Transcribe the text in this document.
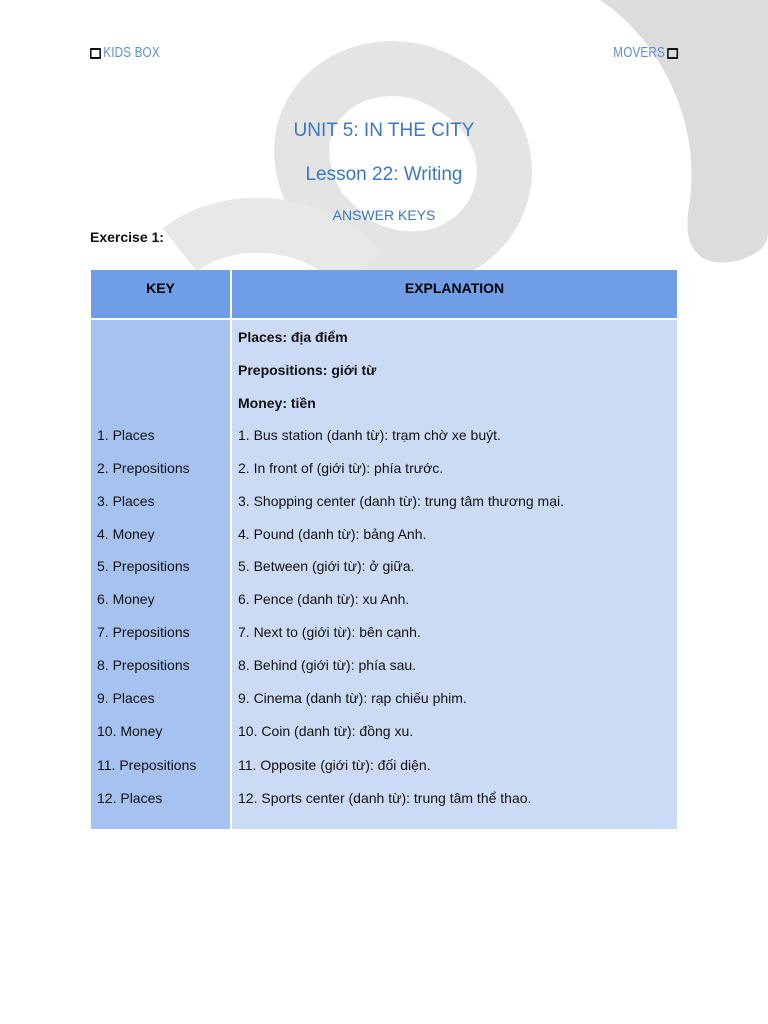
KIDS BOX	MOVERS
UNIT 5: IN THE CITY
Lesson 22: Writing
ANSWER KEYS
Exercise 1:
KEY	EXPLANATION
1. Places
2. Prepositions
3. Places
4. Money
5. Prepositions
6. Money
7. Prepositions
8. Prepositions
9. Places
10. Money
11. Prepositions
12. Places
Places: địa điểm
Prepositions: giới từ
Money: tiền
1. Bus station (danh từ): trạm chờ xe buýt.
2. In front of (giới từ): phía trước.
3. Shopping center (danh từ): trung tâm thương mại.
4. Pound (danh từ): bảng Anh.
5. Between (giới từ): ở giữa.
6. Pence (danh từ): xu Anh.
7. Next to (giới từ): bên cạnh.
8. Behind (giới từ): phía sau.
9. Cinema (danh từ): rạp chiếu phim.
10. Coin (danh từ): đồng xu.
11. Opposite (giới từ): đối diện.
12. Sports center (danh từ): trung tâm thể thao.
